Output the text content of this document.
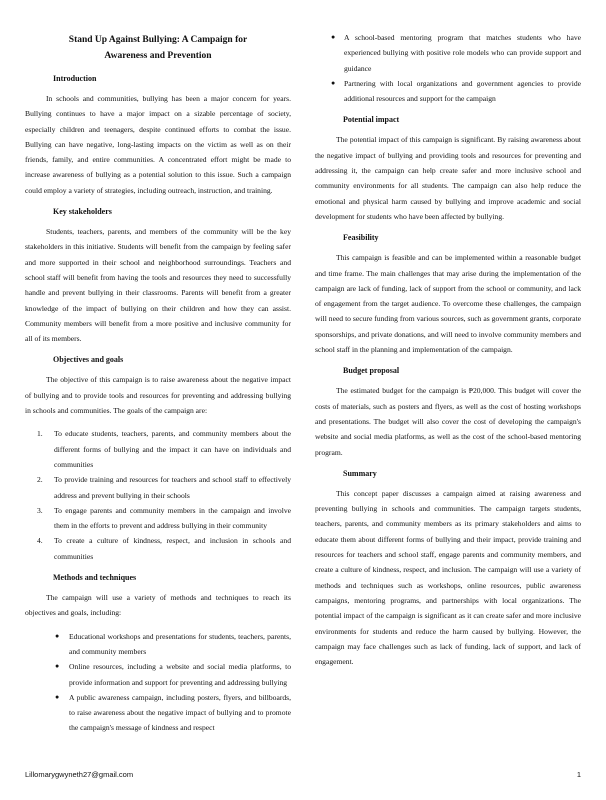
Stand Up Against Bullying: A Campaign for Awareness and Prevention
Introduction

In schools and communities, bullying has been a major concern for years. Bullying continues to have a major impact on a sizable percentage of society, especially children and teenagers, despite continued efforts to combat the issue. Bullying can have negative, long-lasting impacts on the victim as well as on their friends, family, and entire communities. A concentrated effort might be made to increase awareness of bullying as a potential solution to this issue. Such a campaign could employ a variety of strategies, including outreach, instruction, and training.

Key stakeholders

Students, teachers, parents, and members of the community will be the key stakeholders in this initiative. Students will benefit from the campaign by feeling safer and more supported in their school and neighborhood surroundings. Teachers and school staff will benefit from having the tools and resources they need to successfully handle and prevent bullying in their classrooms. Parents will benefit from a greater knowledge of the impact of bullying on their children and how they can assist. Community members will benefit from a more positive and inclusive community for all of its members.

Objectives and goals

The objective of this campaign is to raise awareness about the negative impact of bullying and to provide tools and resources for preventing and addressing bullying in schools and communities. The goals of the campaign are:

1. To educate students, teachers, parents, and community members about the different forms of bullying and the impact it can have on individuals and communities
2. To provide training and resources for teachers and school staff to effectively address and prevent bullying in their schools
3. To engage parents and community members in the campaign and involve them in the efforts to prevent and address bullying in their community
4. To create a culture of kindness, respect, and inclusion in schools and communities
Methods and techniques

The campaign will use a variety of methods and techniques to reach its objectives and goals, including:

● Educational workshops and presentations for students, teachers, parents, and community members
● Online resources, including a website and social media platforms, to provide information and support for preventing and addressing bullying
● A public awareness campaign, including posters, flyers, and billboards, to raise awareness about the negative impact of bullying and to promote the campaign's message of kindness and respect
● A school-based mentoring program that matches students who have experienced bullying with positive role models who can provide support and guidance
● Partnering with local organizations and government agencies to provide additional resources and support for the campaign
Potential impact

The potential impact of this campaign is significant. By raising awareness about the negative impact of bullying and providing tools and resources for preventing and addressing it, the campaign can help create safer and more inclusive school and community environments for all students. The campaign can also help reduce the emotional and physical harm caused by bullying and improve academic and social development for students who have been affected by bullying.

Feasibility

This campaign is feasible and can be implemented within a reasonable budget and time frame. The main challenges that may arise during the implementation of the campaign are lack of funding, lack of support from the school or community, and lack of engagement from the target audience. To overcome these challenges, the campaign will need to secure funding from various sources, such as government grants, corporate sponsorships, and private donations, and will need to involve community members and school staff in the planning and implementation of the campaign.

Budget proposal

The estimated budget for the campaign is ₱20,000. This budget will cover the costs of materials, such as posters and flyers, as well as the cost of hosting workshops and presentations. The budget will also cover the cost of developing the campaign's website and social media platforms, as well as the cost of the school-based mentoring program.

Summary

This concept paper discusses a campaign aimed at raising awareness and preventing bullying in schools and communities. The campaign targets students, teachers, parents, and community members as its primary stakeholders and aims to educate them about different forms of bullying and their impact, provide training and resources for teachers and school staff, engage parents and community members, and create a culture of kindness, respect, and inclusion. The campaign will use a variety of methods and techniques such as workshops, online resources, public awareness campaigns, mentoring programs, and partnerships with local organizations. The potential impact of the campaign is significant as it can create safer and more inclusive environments for students and reduce the harm caused by bullying. However, the campaign may face challenges such as lack of funding, lack of support, and lack of engagement.

Lillomarygwyneth27@gmail.com	1
